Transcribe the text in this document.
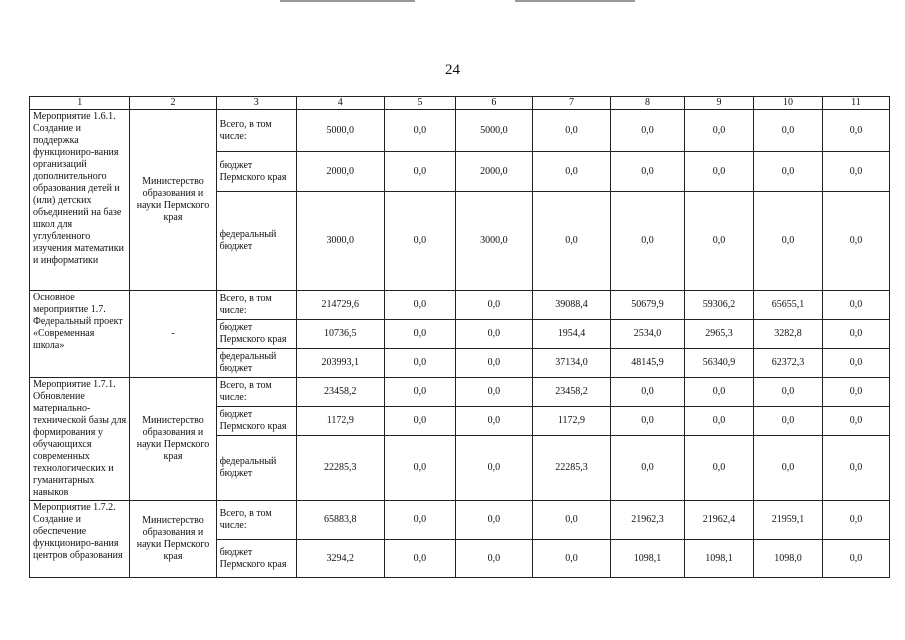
24
1	2	3	4	5	6	7	8	9	10	11
Мероприятие 1.6.1. Создание и поддержка функциониро-вания организаций дополнительного образования детей и (или) детских объединений на базе школ для углубленного изучения математики и информатики	Министерство образования и науки Пермского края	Всего, в том числе:	5000,0	0,0	5000,0	0,0	0,0	0,0	0,0	0,0
		бюджет Пермского края	2000,0	0,0	2000,0	0,0	0,0	0,0	0,0	0,0
		федеральный бюджет	3000,0	0,0	3000,0	0,0	0,0	0,0	0,0	0,0
Основное мероприятие 1.7. Федеральный проект «Современная школа»	-	Всего, в том числе:	214729,6	0,0	0,0	39088,4	50679,9	59306,2	65655,1	0,0
		бюджет Пермского края	10736,5	0,0	0,0	1954,4	2534,0	2965,3	3282,8	0,0
		федеральный бюджет	203993,1	0,0	0,0	37134,0	48145,9	56340,9	62372,3	0,0
Мероприятие 1.7.1. Обновление материально-технической базы для формирования у обучающихся современных технологических и гуманитарных навыков	Министерство образования и науки Пермского края	Всего, в том числе:	23458,2	0,0	0,0	23458,2	0,0	0,0	0,0	0,0
		бюджет Пермского края	1172,9	0,0	0,0	1172,9	0,0	0,0	0,0	0,0
		федеральный бюджет	22285,3	0,0	0,0	22285,3	0,0	0,0	0,0	0,0
Мероприятие 1.7.2. Создание и обеспечение функциониро-вания центров образования	Министерство образования и науки Пермского края	Всего, в том числе:	65883,8	0,0	0,0	0,0	21962,3	21962,4	21959,1	0,0
		бюджет Пермского края	3294,2	0,0	0,0	0,0	1098,1	1098,1	1098,0	0,0
